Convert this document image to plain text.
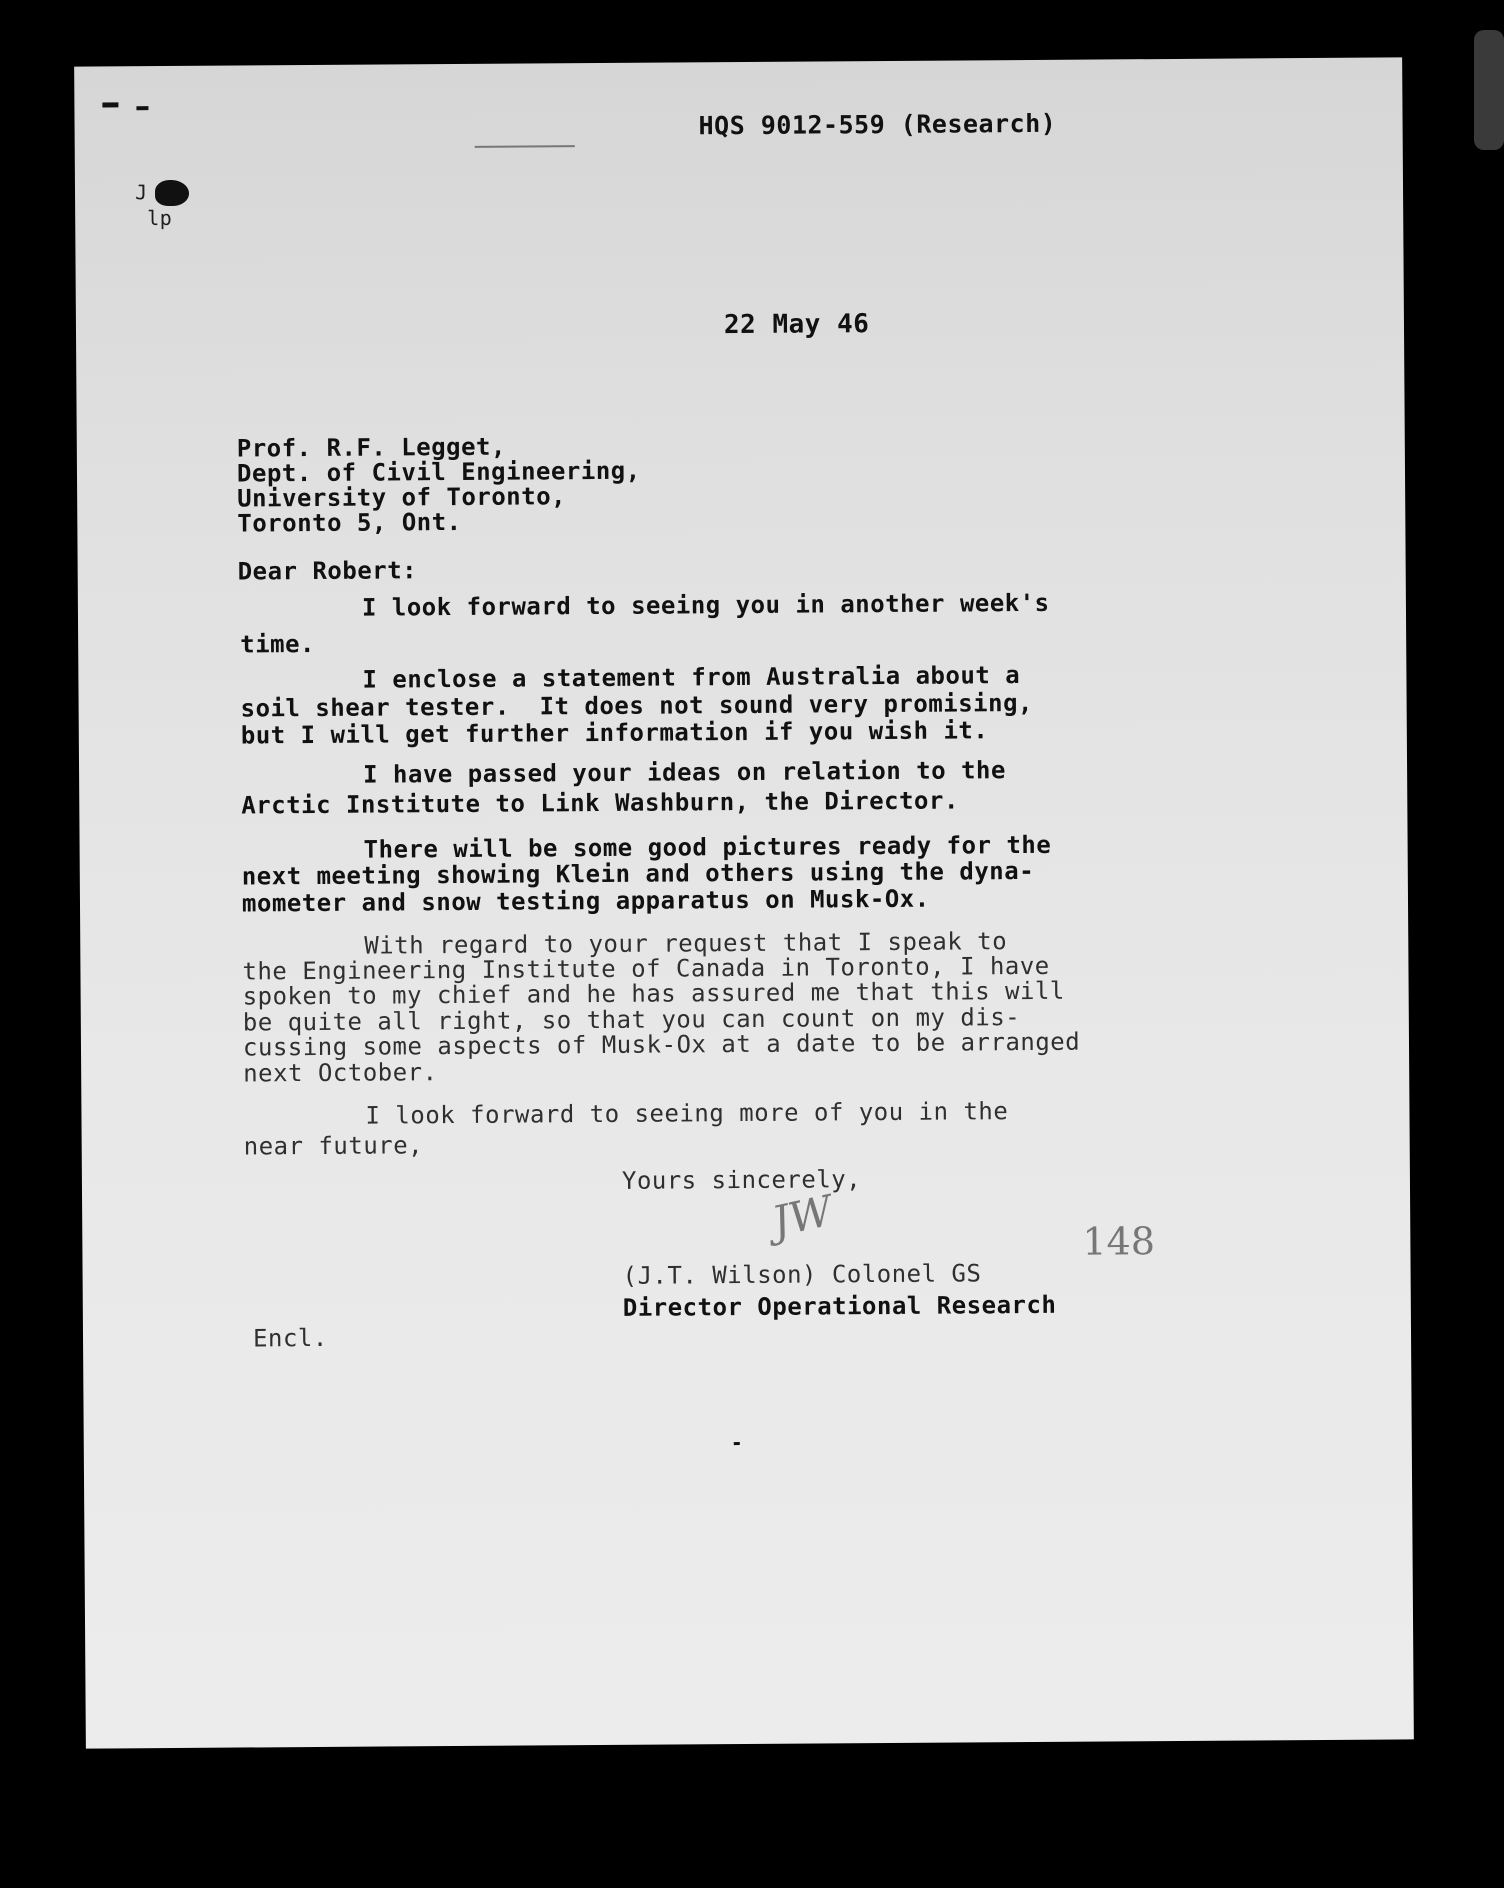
HQS 9012-559 (Research)
J
lp
22 May 46
Prof. R.F. Legget,
Dept. of Civil Engineering,
University of Toronto,
Toronto 5, Ont.
Dear Robert:
I look forward to seeing you in another week's
time.
I enclose a statement from Australia about a
soil shear tester.  It does not sound very promising,
but I will get further information if you wish it.
I have passed your ideas on relation to the
Arctic Institute to Link Washburn, the Director.
There will be some good pictures ready for the
next meeting showing Klein and others using the dyna-
mometer and snow testing apparatus on Musk-Ox.
With regard to your request that I speak to
the Engineering Institute of Canada in Toronto, I have
spoken to my chief and he has assured me that this will
be quite all right, so that you can count on my dis-
cussing some aspects of Musk-Ox at a date to be arranged
next October.
I look forward to seeing more of you in the
near future,
Yours sincerely,
JW	148
(J.T. Wilson) Colonel GS
Director Operational Research
Encl.
